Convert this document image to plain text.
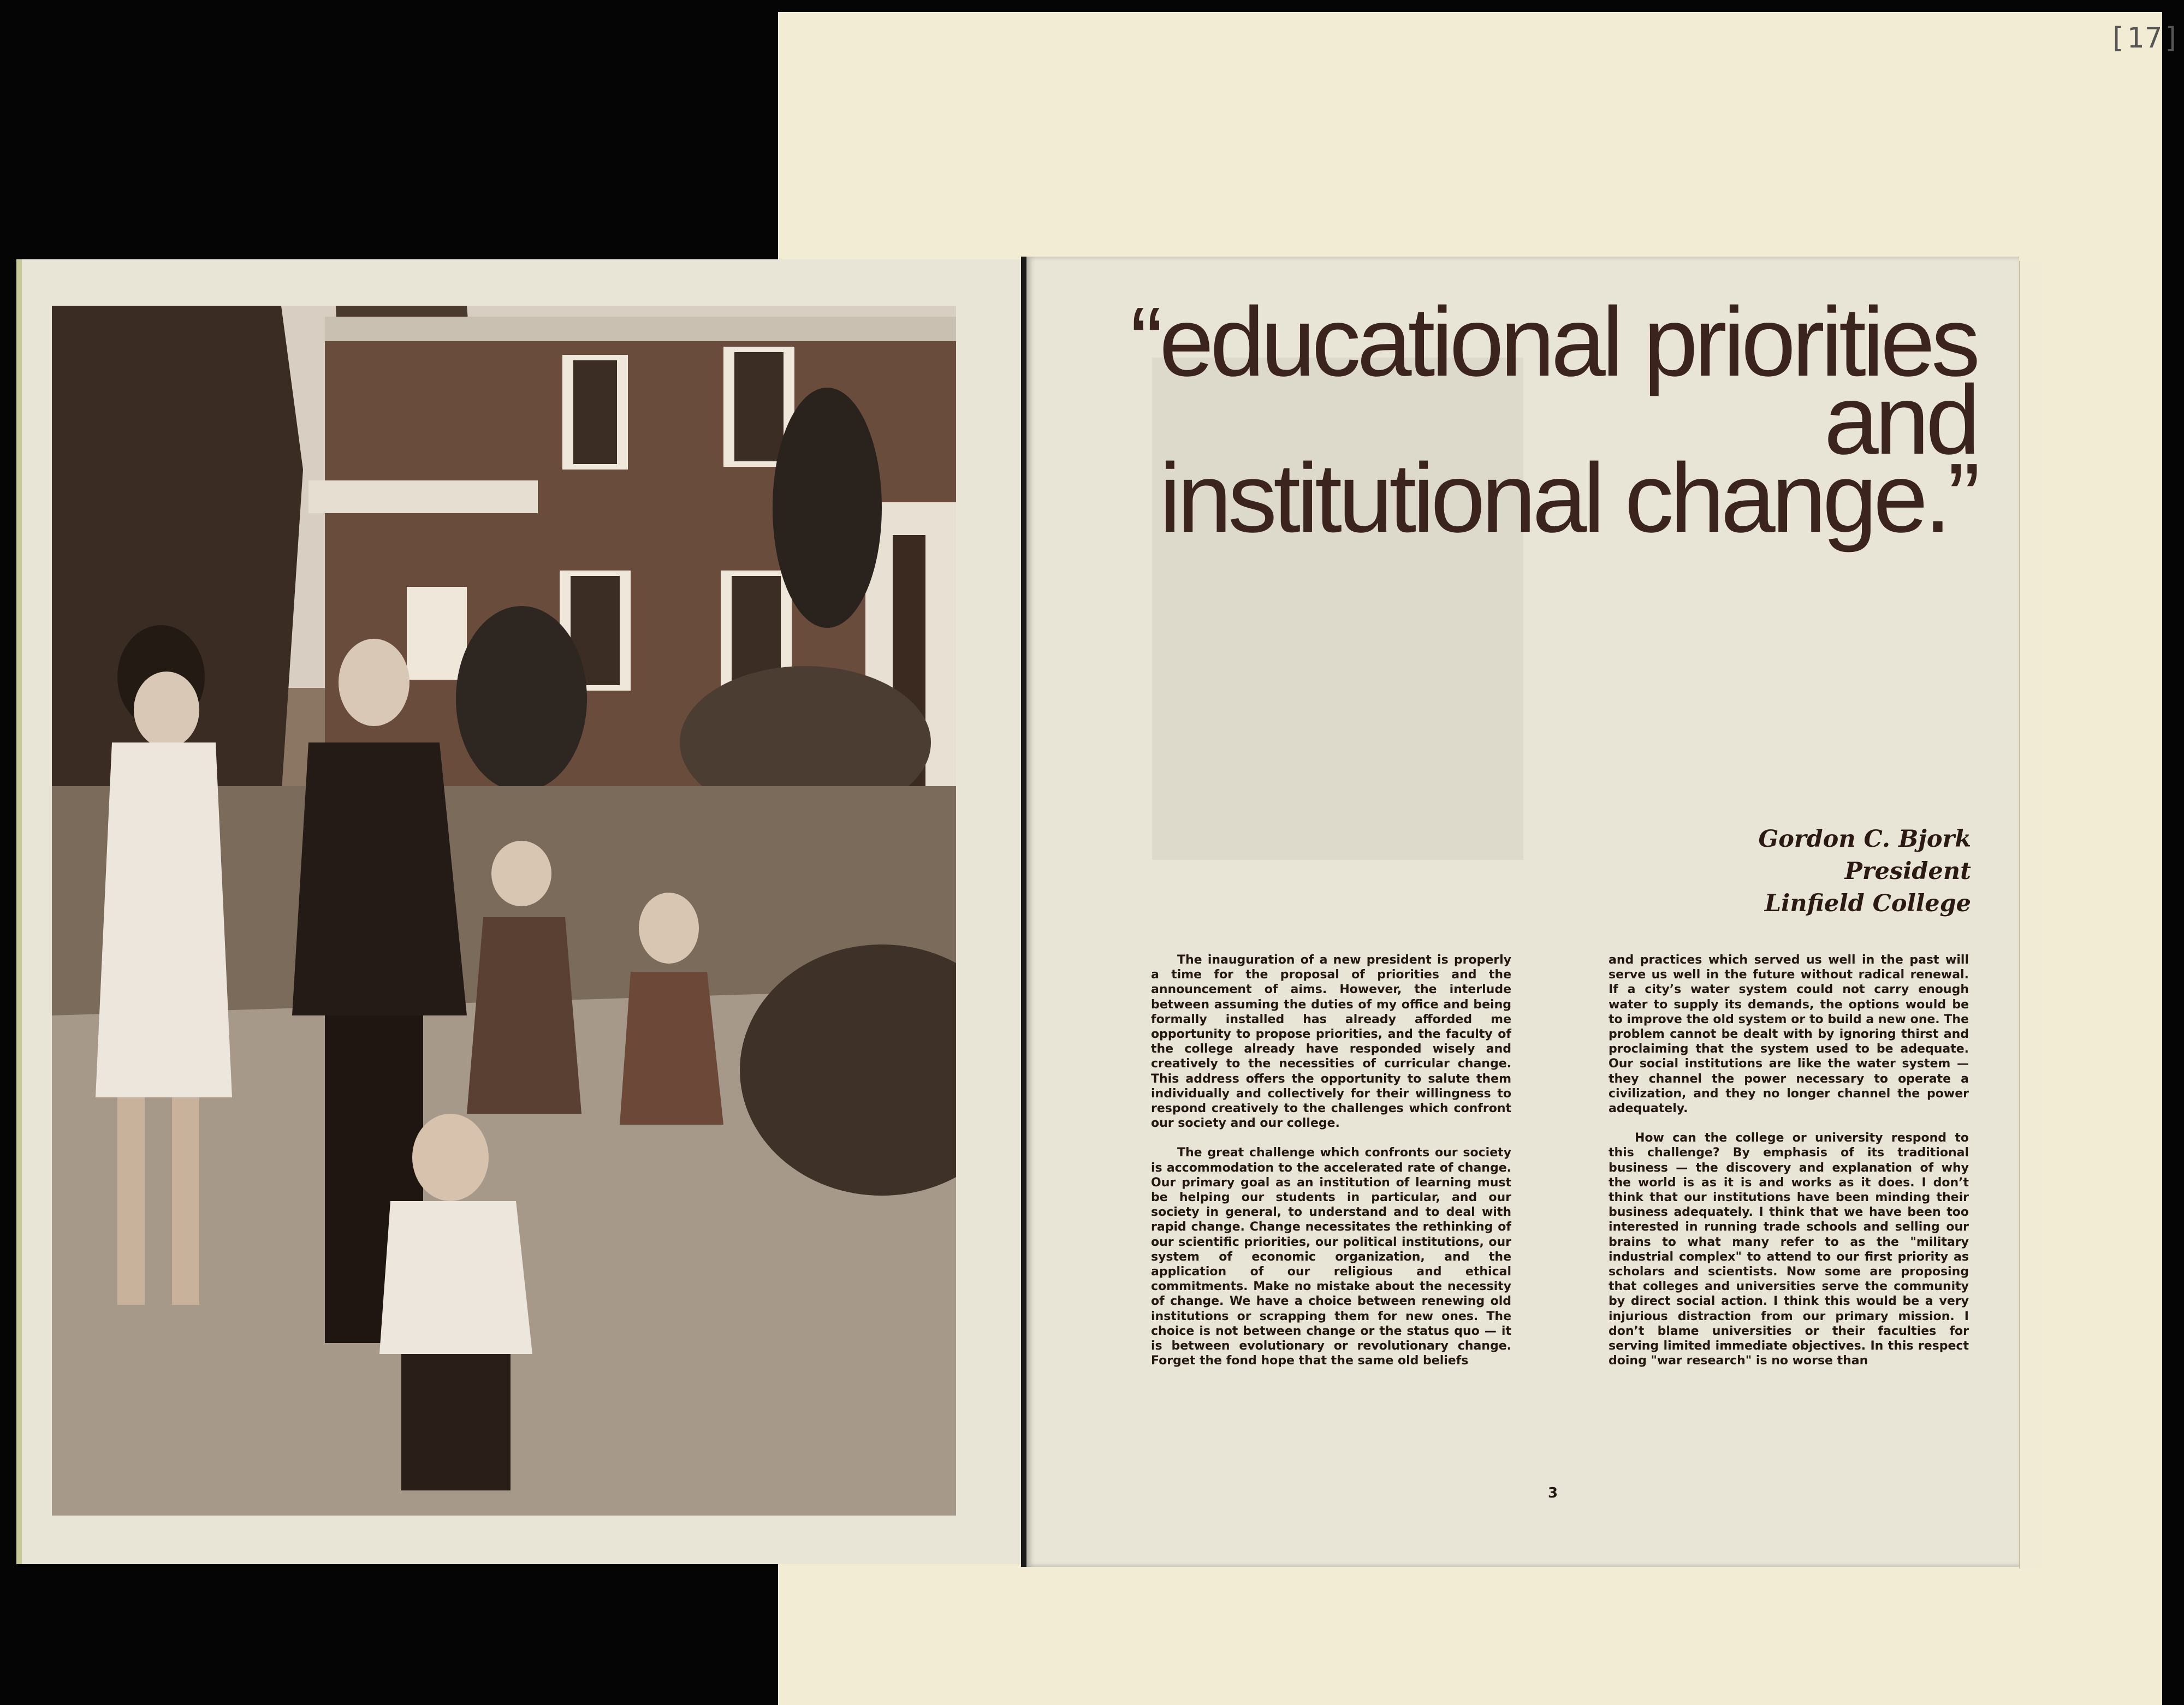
[17]
“educational priorities
and
institutional change.”
Gordon C. Bjork
President
Linfield College

The inauguration of a new president is properly a time for the proposal of priorities and the announcement of aims. However, the interlude between assuming the duties of my office and being formally installed has already afforded me opportunity to propose priorities, and the faculty of the college already have responded wisely and creatively to the necessities of curricular change. This address offers the opportunity to salute them individually and collectively for their willingness to respond creatively to the challenges which confront our society and our college.

The great challenge which confronts our society is accommodation to the accelerated rate of change. Our primary goal as an institution of learning must be helping our students in particular, and our society in general, to understand and to deal with rapid change. Change necessitates the rethinking of our scientific priorities, our political institutions, our system of economic organization, and the application of our religious and ethical commitments. Make no mistake about the necessity of change. We have a choice between renewing old institutions or scrapping them for new ones. The choice is not between change or the status quo — it is between evolutionary or revolutionary change. Forget the fond hope that the same old beliefs

and practices which served us well in the past will serve us well in the future without radical renewal. If a city’s water system could not carry enough water to supply its demands, the options would be to improve the old system or to build a new one. The problem cannot be dealt with by ignoring thirst and proclaiming that the system used to be adequate. Our social institutions are like the water system — they channel the power necessary to operate a civilization, and they no longer channel the power adequately.

How can the college or university respond to this challenge? By emphasis of its traditional business — the discovery and explanation of why the world is as it is and works as it does. I don’t think that our institutions have been minding their business adequately. I think that we have been too interested in running trade schools and selling our brains to what many refer to as the "military industrial complex" to attend to our first priority as scholars and scientists. Now some are proposing that colleges and universities serve the community by direct social action. I think this would be a very injurious distraction from our primary mission. I don’t blame universities or their faculties for serving limited immediate objectives. In this respect doing "war research" is no worse than

3
